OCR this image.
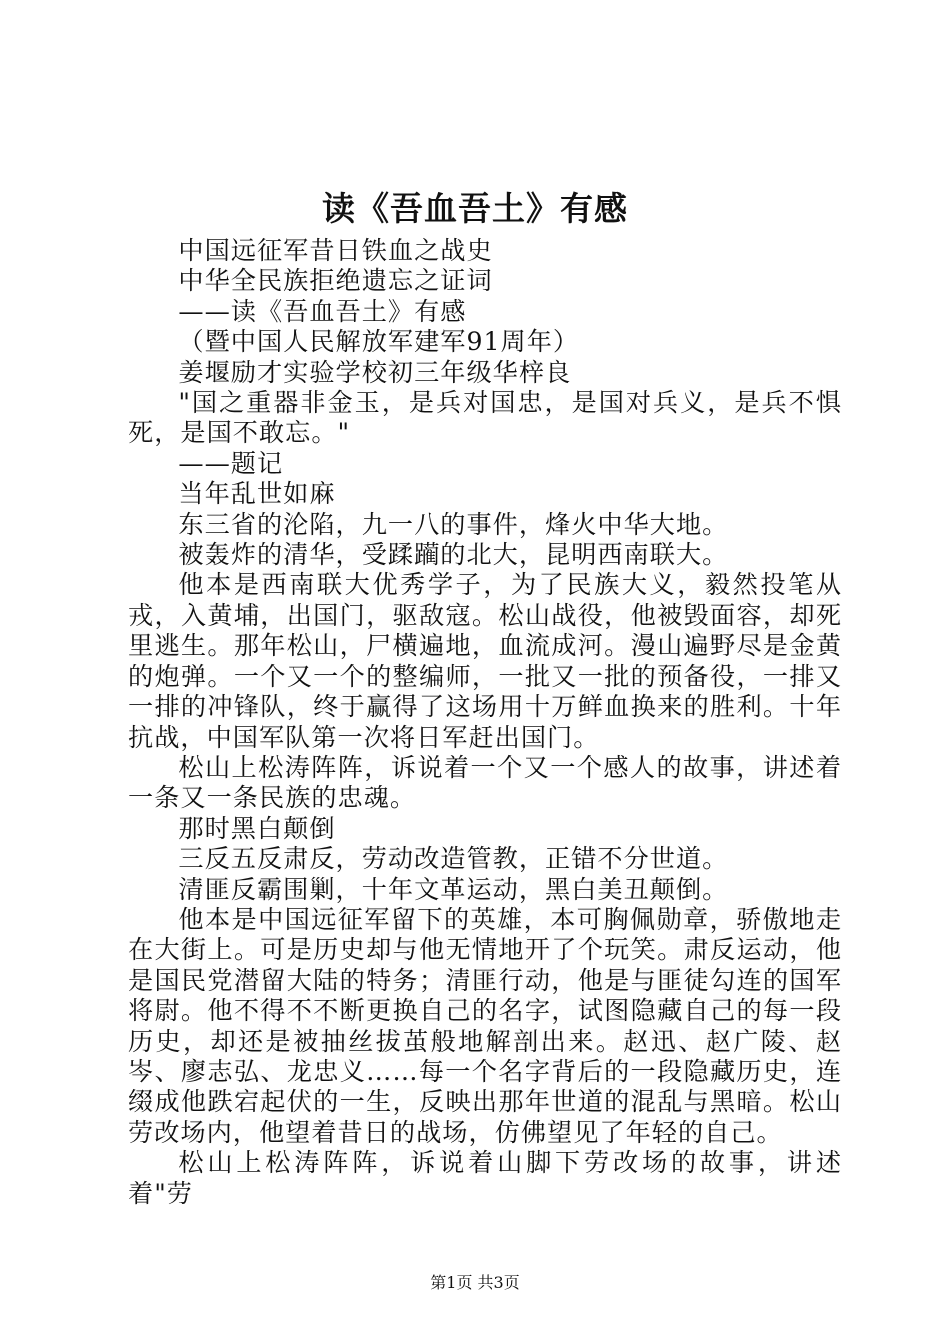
读《吾血吾土》有感

中国远征军昔日铁血之战史

中华全民族拒绝遗忘之证词

——读《吾血吾土》有感

（暨中国人民解放军建军91周年）

姜堰励才实验学校初三年级华梓良

"国之重器非金玉，是兵对国忠，是国对兵义，是兵不惧死，是国不敢忘。"

——题记

当年乱世如麻

东三省的沦陷，九一八的事件，烽火中华大地。

被轰炸的清华，受蹂躏的北大，昆明西南联大。

他本是西南联大优秀学子，为了民族大义，毅然投笔从戎，入黄埔，出国门，驱敌寇。松山战役，他被毁面容，却死里逃生。那年松山，尸横遍地，血流成河。漫山遍野尽是金黄的炮弹。一个又一个的整编师，一批又一批的预备役，一排又一排的冲锋队，终于赢得了这场用十万鲜血换来的胜利。十年抗战，中国军队第一次将日军赶出国门。

松山上松涛阵阵，诉说着一个又一个感人的故事，讲述着一条又一条民族的忠魂。

那时黑白颠倒

三反五反肃反，劳动改造管教，正错不分世道。

清匪反霸围剿，十年文革运动，黑白美丑颠倒。

他本是中国远征军留下的英雄，本可胸佩勋章，骄傲地走在大街上。可是历史却与他无情地开了个玩笑。肃反运动，他是国民党潜留大陆的特务；清匪行动，他是与匪徒勾连的国军将尉。他不得不不断更换自己的名字，试图隐藏自己的每一段历史，却还是被抽丝拔茧般地解剖出来。赵迅、赵广陵、赵岑、廖志弘、龙忠义……每一个名字背后的一段隐藏历史，连缀成他跌宕起伏的一生，反映出那年世道的混乱与黑暗。松山劳改场内，他望着昔日的战场，仿佛望见了年轻的自己。

松山上松涛阵阵，诉说着山脚下劳改场的故事，讲述着"劳

第1页 共3页
